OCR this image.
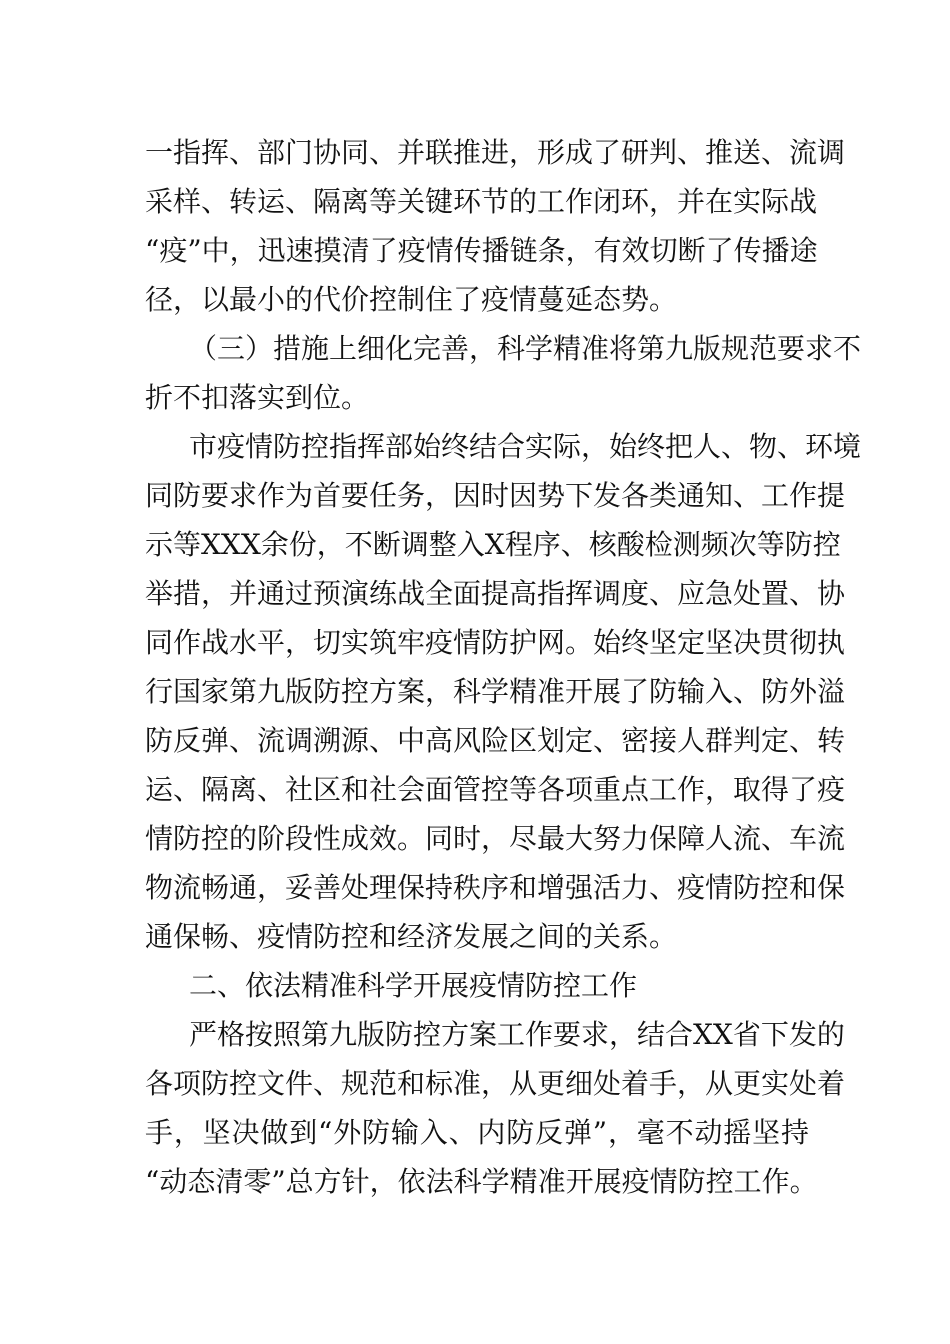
一指挥、部门协同、并联推进，形成了研判、推送、流调
采样、转运、隔离等关键环节的工作闭环，并在实际战
“疫”中，迅速摸清了疫情传播链条，有效切断了传播途
径，以最小的代价控制住了疫情蔓延态势。
（三）措施上细化完善，科学精准将第九版规范要求不
折不扣落实到位。
市疫情防控指挥部始终结合实际，始终把人、物、环境
同防要求作为首要任务，因时因势下发各类通知、工作提
示等XXX余份，不断调整入X程序、核酸检测频次等防控
举措，并通过预演练战全面提高指挥调度、应急处置、协
同作战水平，切实筑牢疫情防护网。始终坚定坚决贯彻执
行国家第九版防控方案，科学精准开展了防输入、防外溢
防反弹、流调溯源、中高风险区划定、密接人群判定、转
运、隔离、社区和社会面管控等各项重点工作，取得了疫
情防控的阶段性成效。同时，尽最大努力保障人流、车流
物流畅通，妥善处理保持秩序和增强活力、疫情防控和保
通保畅、疫情防控和经济发展之间的关系。
二、依法精准科学开展疫情防控工作
严格按照第九版防控方案工作要求，结合XX省下发的
各项防控文件、规范和标准，从更细处着手，从更实处着
手，坚决做到“外防输入、内防反弹”，毫不动摇坚持
“动态清零”总方针，依法科学精准开展疫情防控工作。
